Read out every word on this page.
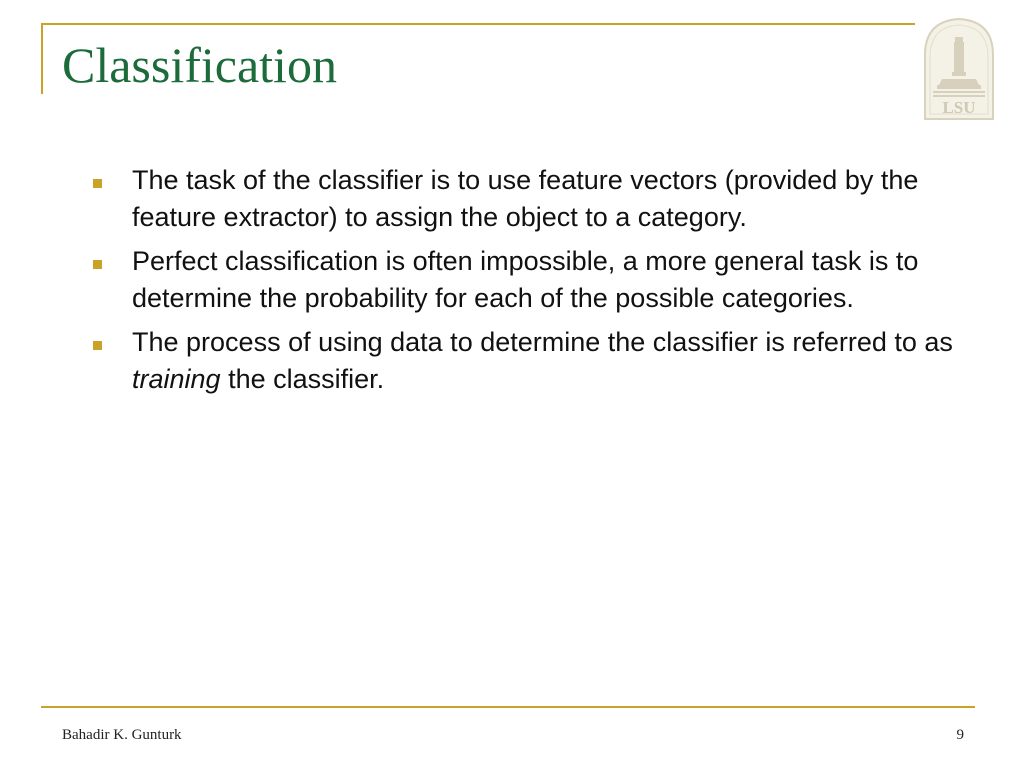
Classification
LSU
The task of the classifier is to use feature vectors (provided by the feature extractor) to assign the object to a category.
Perfect classification is often impossible, a more general task is to determine the probability for each of the possible categories.
The process of using data to determine the classifier is referred to as training the classifier.
Bahadir K. Gunturk	9
